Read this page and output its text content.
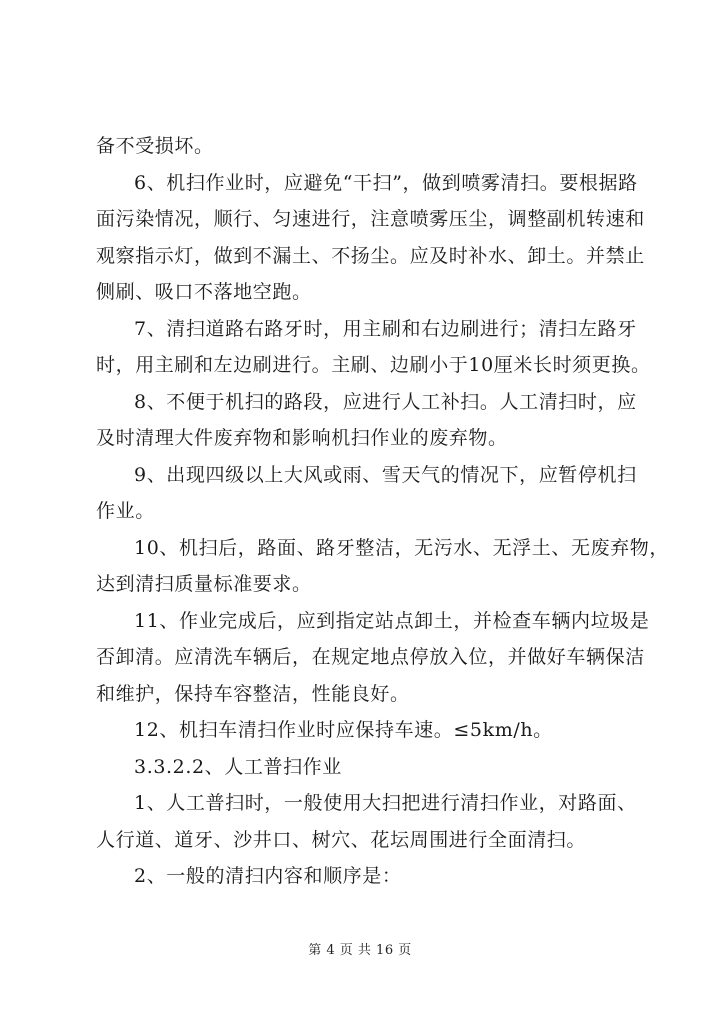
备不受损坏。
6、机扫作业时，应避免“干扫”，做到喷雾清扫。要根据路
面污染情况，顺行、匀速进行，注意喷雾压尘，调整副机转速和
观察指示灯，做到不漏土、不扬尘。应及时补水、卸土。并禁止
侧刷、吸口不落地空跑。
7、清扫道路右路牙时，用主刷和右边刷进行；清扫左路牙
时，用主刷和左边刷进行。主刷、边刷小于10厘米长时须更换。
8、不便于机扫的路段，应进行人工补扫。人工清扫时，应
及时清理大件废弃物和影响机扫作业的废弃物。
9、出现四级以上大风或雨、雪天气的情况下，应暂停机扫
作业。
10、机扫后，路面、路牙整洁，无污水、无浮土、无废弃物，
达到清扫质量标准要求。
11、作业完成后，应到指定站点卸土，并检查车辆内垃圾是
否卸清。应清洗车辆后，在规定地点停放入位，并做好车辆保洁
和维护，保持车容整洁，性能良好。
12、机扫车清扫作业时应保持车速。≤5km/h。
3.3.2.2、人工普扫作业
1、人工普扫时，一般使用大扫把进行清扫作业，对路面、
人行道、道牙、沙井口、树穴、花坛周围进行全面清扫。
2、一般的清扫内容和顺序是：
第 4 页 共 16 页
